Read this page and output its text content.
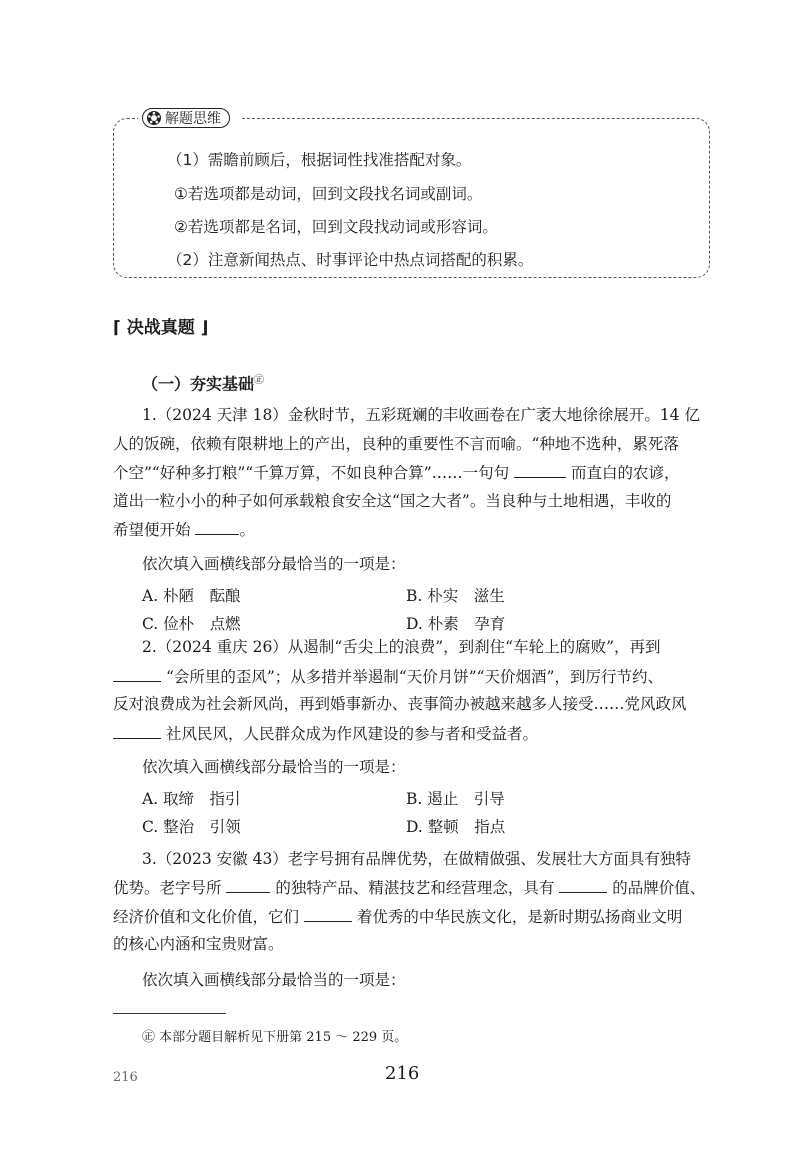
解题思维
（1）需瞻前顾后，根据词性找准搭配对象。
①若选项都是动词，回到文段找名词或副词。
②若选项都是名词，回到文段找动词或形容词。
（2）注意新闻热点、时事评论中热点词搭配的积累。
⌈ 决战真题 ⌋
（一）夯实基础㊣
1.（2024 天津 18）金秋时节，五彩斑斓的丰收画卷在广袤大地徐徐展开。14 亿
人的饭碗，依赖有限耕地上的产出，良种的重要性不言而喻。“种地不选种，累死落
个空”“好种多打粮”“千算万算，不如良种合算”……一句句	而直白的农谚，
道出一粒小小的种子如何承载粮食安全这“国之大者”。当良种与土地相遇，丰收的
希望便开始	。
依次填入画横线部分最恰当的一项是：
A. 朴陋　酝酿	B. 朴实　滋生
C. 俭朴　点燃	D. 朴素　孕育
2.（2024 重庆 26）从遏制“舌尖上的浪费”，到刹住“车轮上的腐败”，再到
“会所里的歪风”；从多措并举遏制“天价月饼”“天价烟酒”，到厉行节约、
反对浪费成为社会新风尚，再到婚事新办、丧事简办被越来越多人接受……党风政风
社风民风，人民群众成为作风建设的参与者和受益者。
依次填入画横线部分最恰当的一项是：
A. 取缔　指引	B. 遏止　引导
C. 整治　引领	D. 整顿　指点
3.（2023 安徽 43）老字号拥有品牌优势，在做精做强、发展壮大方面具有独特
优势。老字号所	的独特产品、精湛技艺和经营理念，具有	的品牌价值、
经济价值和文化价值，它们	着优秀的中华民族文化，是新时期弘扬商业文明
的核心内涵和宝贵财富。
依次填入画横线部分最恰当的一项是：
㊣ 本部分题目解析见下册第 215 ～ 229 页。
216
216
